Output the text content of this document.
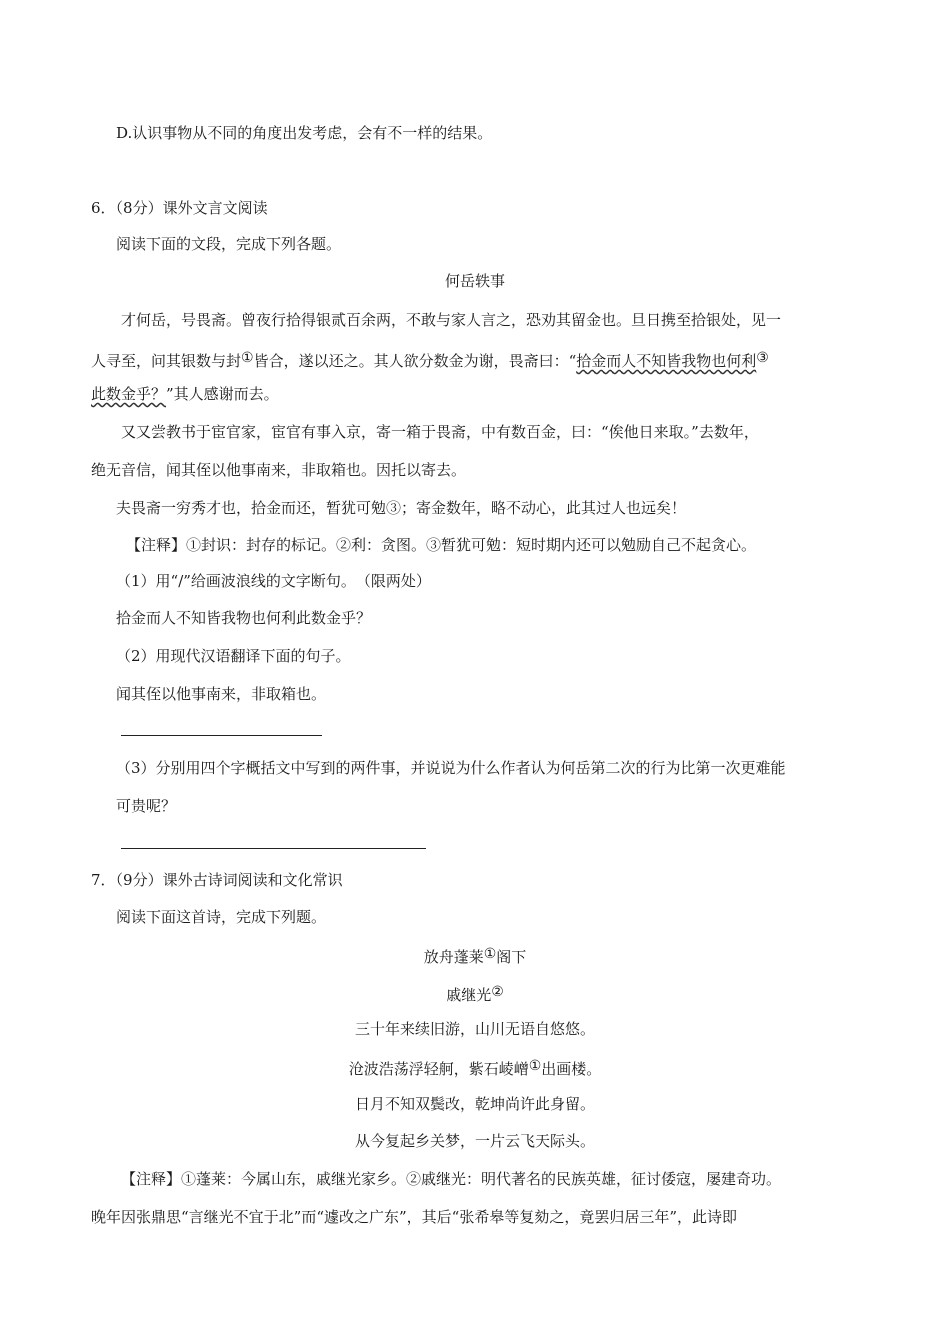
D.认识事物从不同的角度出发考虑，会有不一样的结果。
6．（8分）课外文言文阅读
阅读下面的文段，完成下列各题。
何岳轶事
才何岳，号畏斋。曾夜行拾得银贰百余两，不敢与家人言之，恐劝其留金也。旦日携至拾银处，见一
人寻至，问其银数与封①皆合，遂以还之。其人欲分数金为谢，畏斋曰：“拾金而人不知皆我物也何利③
此数金乎？”其人感谢而去。
又又尝教书于宦官家，宦官有事入京，寄一箱于畏斋，中有数百金，曰：“俟他日来取。”去数年，
绝无音信，闻其侄以他事南来，非取箱也。因托以寄去。
夫畏斋一穷秀才也，拾金而还，暂犹可勉③；寄金数年，略不动心，此其过人也远矣！
【注释】①封识：封存的标记。②利：贪图。③暂犹可勉：短时期内还可以勉励自己不起贪心。
（1）用“/”给画波浪线的文字断句。　（限两处）
拾金而人不知皆我物也何利此数金乎？
（2）用现代汉语翻译下面的句子。
闻其侄以他事南来，非取箱也。
（3）分别用四个字概括文中写到的两件事，并说说为什么作者认为何岳第二次的行为比第一次更难能
可贵呢？
7．（9分）课外古诗词阅读和文化常识
阅读下面这首诗，完成下列题。
放舟蓬莱①阁下
戚继光②
三十年来续旧游，山川无语自悠悠。
沧波浩荡浮轻舸，紫石崚嶒①出画楼。
日月不知双鬓改，乾坤尚许此身留。
从今复起乡关梦，一片云飞天际头。
【注释】①蓬莱：今属山东，戚继光家乡。②戚继光：明代著名的民族英雄，征讨倭寇，屡建奇功。
晚年因张鼎思“言继光不宜于北”而“遽改之广东”，其后“张希皋等复劾之，竟罢归居三年”，此诗即
